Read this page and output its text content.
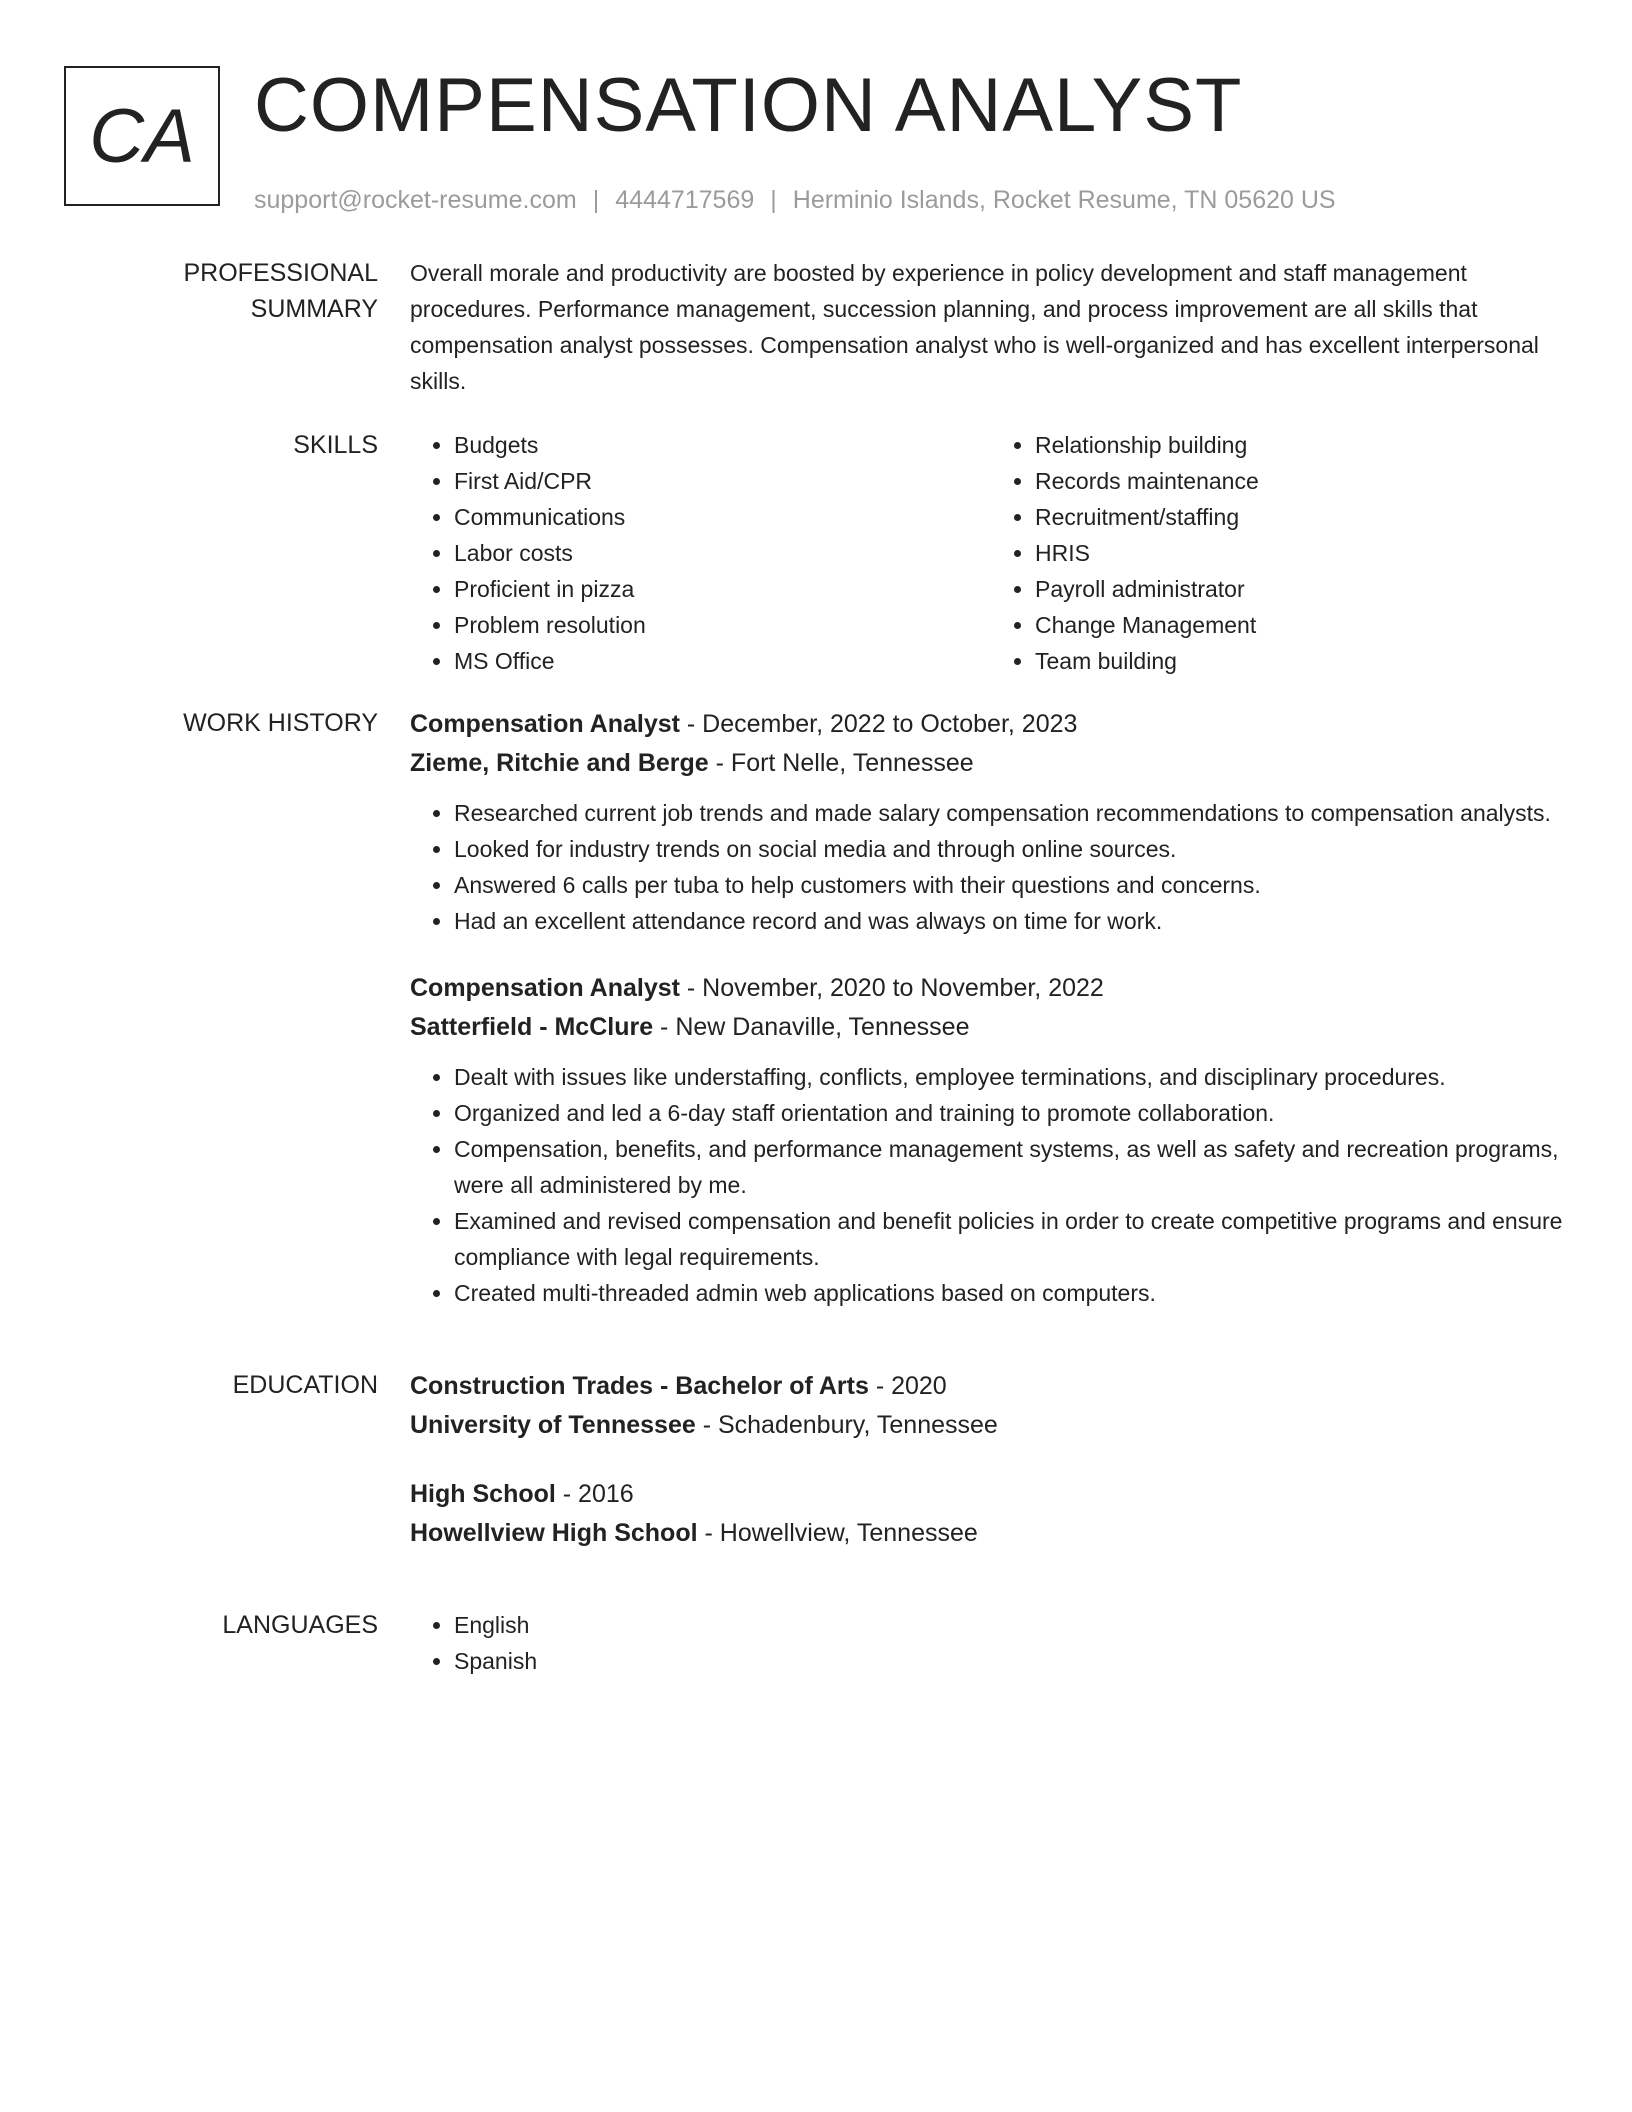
CA COMPENSATION ANALYST
support@rocket-resume.com | 4444717569 | Herminio Islands, Rocket Resume, TN 05620 US
PROFESSIONAL SUMMARY
Overall morale and productivity are boosted by experience in policy development and staff management procedures. Performance management, succession planning, and process improvement are all skills that compensation analyst possesses. Compensation analyst who is well-organized and has excellent interpersonal skills.
SKILLS	• Budgets
• First Aid/CPR
• Communications
• Labor costs
• Proficient in pizza
• Problem resolution
• MS Office
• Relationship building
• Records maintenance
• Recruitment/staffing
• HRIS
• Payroll administrator
• Change Management
• Team building
WORK HISTORY	Compensation Analyst - December, 2022 to October, 2023
Zieme, Ritchie and Berge - Fort Nelle, Tennessee
• Researched current job trends and made salary compensation recommendations to compensation analysts.
• Looked for industry trends on social media and through online sources.
• Answered 6 calls per tuba to help customers with their questions and concerns.
• Had an excellent attendance record and was always on time for work.
Compensation Analyst - November, 2020 to November, 2022
Satterfield - McClure - New Danaville, Tennessee
• Dealt with issues like understaffing, conflicts, employee terminations, and disciplinary procedures.
• Organized and led a 6-day staff orientation and training to promote collaboration.
• Compensation, benefits, and performance management systems, as well as safety and recreation programs, were all administered by me.
• Examined and revised compensation and benefit policies in order to create competitive programs and ensure compliance with legal requirements.
• Created multi-threaded admin web applications based on computers.
EDUCATION	Construction Trades - Bachelor of Arts - 2020
University of Tennessee - Schadenbury, Tennessee
High School - 2016
Howellview High School - Howellview, Tennessee
LANGUAGES	• English
• Spanish
